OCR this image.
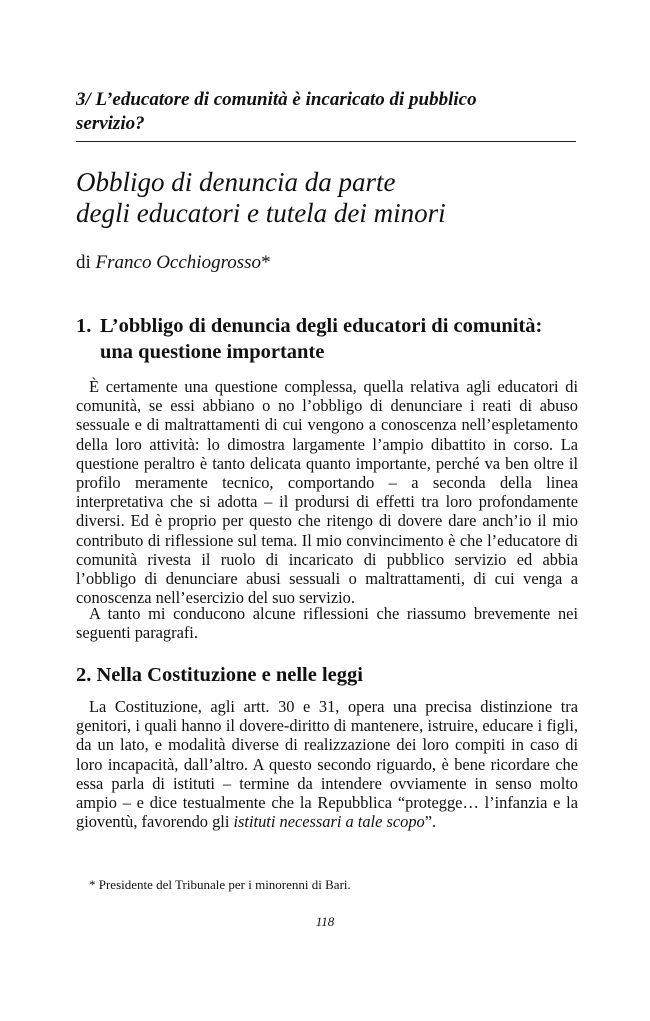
3/ L’educatore di comunità è incaricato di pubblico
servizio?
Obbligo di denuncia da parte
degli educatori e tutela dei minori
di Franco Occhiogrosso*
1. L’obbligo di denuncia degli educatori di comunità:
una questione importante

È certamente una questione complessa, quella relativa agli educatori di comunità, se essi abbiano o no l’obbligo di denunciare i reati di abuso sessuale e di maltrattamenti di cui vengono a conoscenza nell’espletamento della loro attività: lo dimostra largamente l’ampio dibattito in corso. La questione peraltro è tanto delicata quanto importante, perché va ben oltre il profilo meramente tecnico, comportando – a seconda della linea interpretativa che si adotta – il prodursi di effetti tra loro profondamente diversi. Ed è proprio per questo che ritengo di dovere dare anch’io il mio contributo di riflessione sul tema. Il mio convincimento è che l’educatore di comunità rivesta il ruolo di incaricato di pubblico servizio ed abbia l’obbligo di denunciare abusi sessuali o maltrattamenti, di cui venga a conoscenza nell’esercizio del suo servizio.

A tanto mi conducono alcune riflessioni che riassumo brevemente nei seguenti paragrafi.

2. Nella Costituzione e nelle leggi

La Costituzione, agli artt. 30 e 31, opera una precisa distinzione tra genitori, i quali hanno il dovere-diritto di mantenere, istruire, educare i figli, da un lato, e modalità diverse di realizzazione dei loro compiti in caso di loro incapacità, dall’altro. A questo secondo riguardo, è bene ricordare che essa parla di istituti – termine da intendere ovviamente in senso molto ampio – e dice testualmente che la Repubblica “protegge… l’infanzia e la gioventù, favorendo gli istituti necessari a tale scopo”.

* Presidente del Tribunale per i minorenni di Bari.
118
